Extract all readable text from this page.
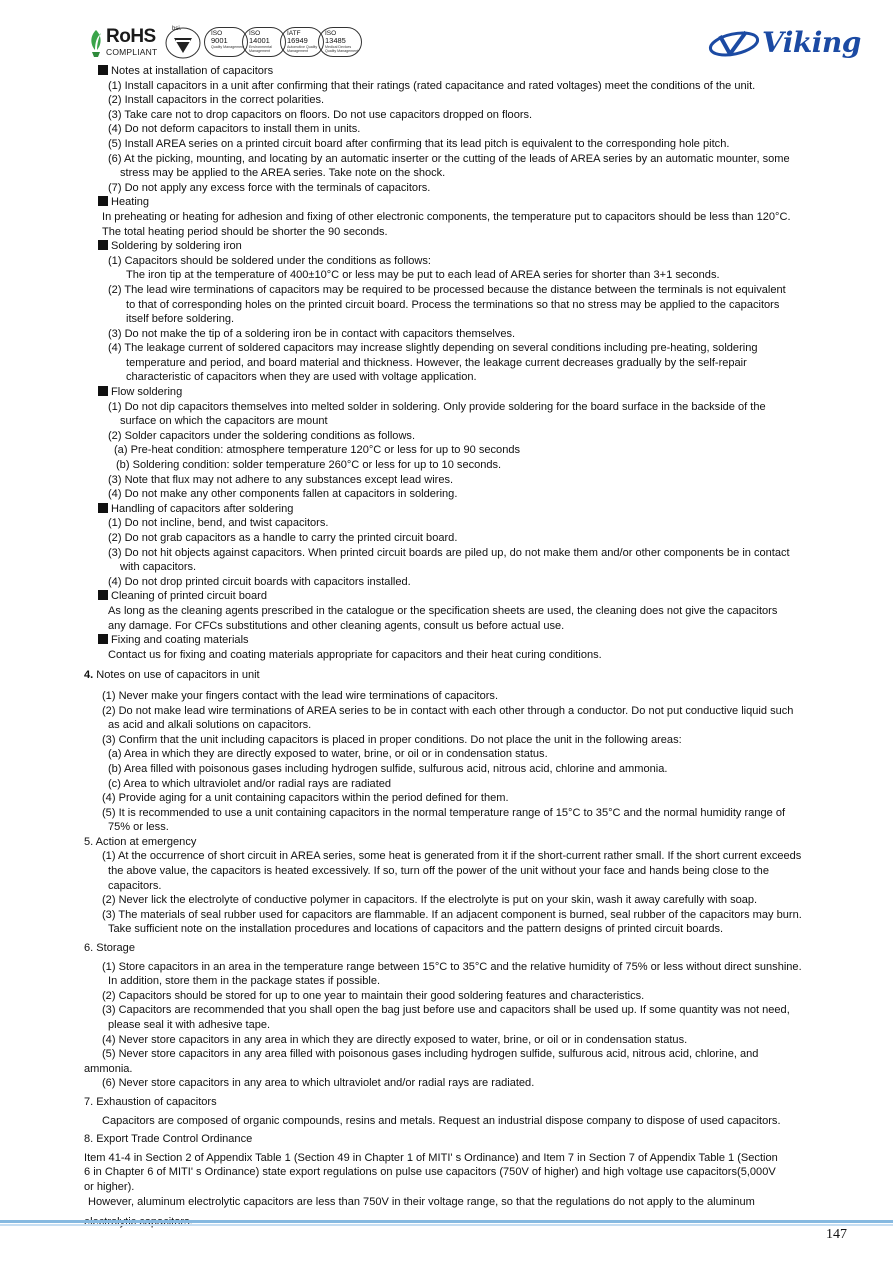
RoHS
COMPLIANT
bsi.
ISO
9001
Quality Management
ISO
14001
Environmental Management
IATF
16949
Automotive Quality Management
ISO
13485
Medical Devices Quality Management	Viking
Notes at installation of capacitors
(1) Install capacitors in a unit after confirming that their ratings (rated capacitance and rated voltages) meet the conditions of the unit.
(2) Install capacitors in the correct polarities.
(3) Take care not to drop capacitors on floors. Do not use capacitors dropped on floors.
(4) Do not deform capacitors to install them in units.
(5) Install AREA series on a printed circuit board after confirming that its lead pitch is equivalent to the corresponding hole pitch.
(6) At the picking, mounting, and locating by an automatic inserter or the cutting of the leads of AREA series by an automatic mounter, some
stress may be applied to the AREA series. Take note on the shock.
(7) Do not apply any excess force with the terminals of capacitors.
Heating
In preheating or heating for adhesion and fixing of other electronic components, the temperature put to capacitors should be less than 120°C.
The total heating period should be shorter the 90 seconds.
Soldering by soldering iron
(1) Capacitors should be soldered under the conditions as follows:
The iron tip at the temperature of 400±10°C or less may be put to each lead of AREA series for shorter than 3+1 seconds.
(2) The lead wire terminations of capacitors may be required to be processed because the distance between the terminals is not equivalent
to that of corresponding holes on the printed circuit board. Process the terminations so that no stress may be applied to the capacitors
itself before soldering.
(3) Do not make the tip of a soldering iron be in contact with capacitors themselves.
(4) The leakage current of soldered capacitors may increase slightly depending on several conditions including pre-heating, soldering
temperature and period, and board material and thickness. However, the leakage current decreases gradually by the self-repair
characteristic of capacitors when they are used with voltage application.
Flow soldering
(1) Do not dip capacitors themselves into melted solder in soldering. Only provide soldering for the board surface in the backside of the
surface on which the capacitors are mount
(2) Solder capacitors under the soldering conditions as follows.
(a) Pre-heat condition: atmosphere temperature 120°C or less for up to 90 seconds
(b) Soldering condition: solder temperature 260°C or less for up to 10 seconds.
(3) Note that flux may not adhere to any substances except lead wires.
(4) Do not make any other components fallen at capacitors in soldering.
Handling of capacitors after soldering
(1) Do not incline, bend, and twist capacitors.
(2) Do not grab capacitors as a handle to carry the printed circuit board.
(3) Do not hit objects against capacitors. When printed circuit boards are piled up, do not make them and/or other components be in contact
with capacitors.
(4) Do not drop printed circuit boards with capacitors installed.
Cleaning of printed circuit board
As long as the cleaning agents prescribed in the catalogue or the specification sheets are used, the cleaning does not give the capacitors
any damage. For CFCs substitutions and other cleaning agents, consult us before actual use.
Fixing and coating materials
Contact us for fixing and coating materials appropriate for capacitors and their heat curing conditions.
4. Notes on use of capacitors in unit
(1) Never make your fingers contact with the lead wire terminations of capacitors.
(2) Do not make lead wire terminations of AREA series to be in contact with each other through a conductor. Do not put conductive liquid such
as acid and alkali solutions on capacitors.
(3) Confirm that the unit including capacitors is placed in proper conditions. Do not place the unit in the following areas:
(a) Area in which they are directly exposed to water, brine, or oil or in condensation status.
(b) Area filled with poisonous gases including hydrogen sulfide, sulfurous acid, nitrous acid, chlorine and ammonia.
(c) Area to which ultraviolet and/or radial rays are radiated
(4) Provide aging for a unit containing capacitors within the period defined for them.
(5) It is recommended to use a unit containing capacitors in the normal temperature range of 15°C to 35°C and the normal humidity range of
75% or less.
5. Action at emergency
(1) At the occurrence of short circuit in AREA series, some heat is generated from it if the short-current rather small. If the short current exceeds
the above value, the capacitors is heated excessively. If so, turn off the power of the unit without your face and hands being close to the
capacitors.
(2) Never lick the electrolyte of conductive polymer in capacitors. If the electrolyte is put on your skin, wash it away carefully with soap.
(3) The materials of seal rubber used for capacitors are flammable. If an adjacent component is burned, seal rubber of the capacitors may burn.
Take sufficient note on the installation procedures and locations of capacitors and the pattern designs of printed circuit boards.
6. Storage
(1) Store capacitors in an area in the temperature range between 15°C to 35°C and the relative humidity of 75% or less without direct sunshine.
In addition, store them in the package states if possible.
(2) Capacitors should be stored for up to one year to maintain their good soldering features and characteristics.
(3) Capacitors are recommended that you shall open the bag just before use and capacitors shall be used up. If some quantity was not need,
please seal it with adhesive tape.
(4) Never store capacitors in any area in which they are directly exposed to water, brine, or oil or in condensation status.
(5) Never store capacitors in any area filled with poisonous gases including hydrogen sulfide, sulfurous acid, nitrous acid, chlorine, and
ammonia.
(6) Never store capacitors in any area to which ultraviolet and/or radial rays are radiated.
7. Exhaustion of capacitors
Capacitors are composed of organic compounds, resins and metals. Request an industrial dispose company to dispose of used capacitors.
8. Export Trade Control Ordinance
Item 41-4 in Section 2 of Appendix Table 1 (Section 49 in Chapter 1 of MITI' s Ordinance) and Item 7 in Section 7 of Appendix Table 1 (Section
6 in Chapter 6 of MITI' s Ordinance) state export regulations on pulse use capacitors (750V of higher) and high voltage use capacitors(5,000V
or higher).
However, aluminum electrolytic capacitors are less than 750V in their voltage range, so that the regulations do not apply to the aluminum
147
